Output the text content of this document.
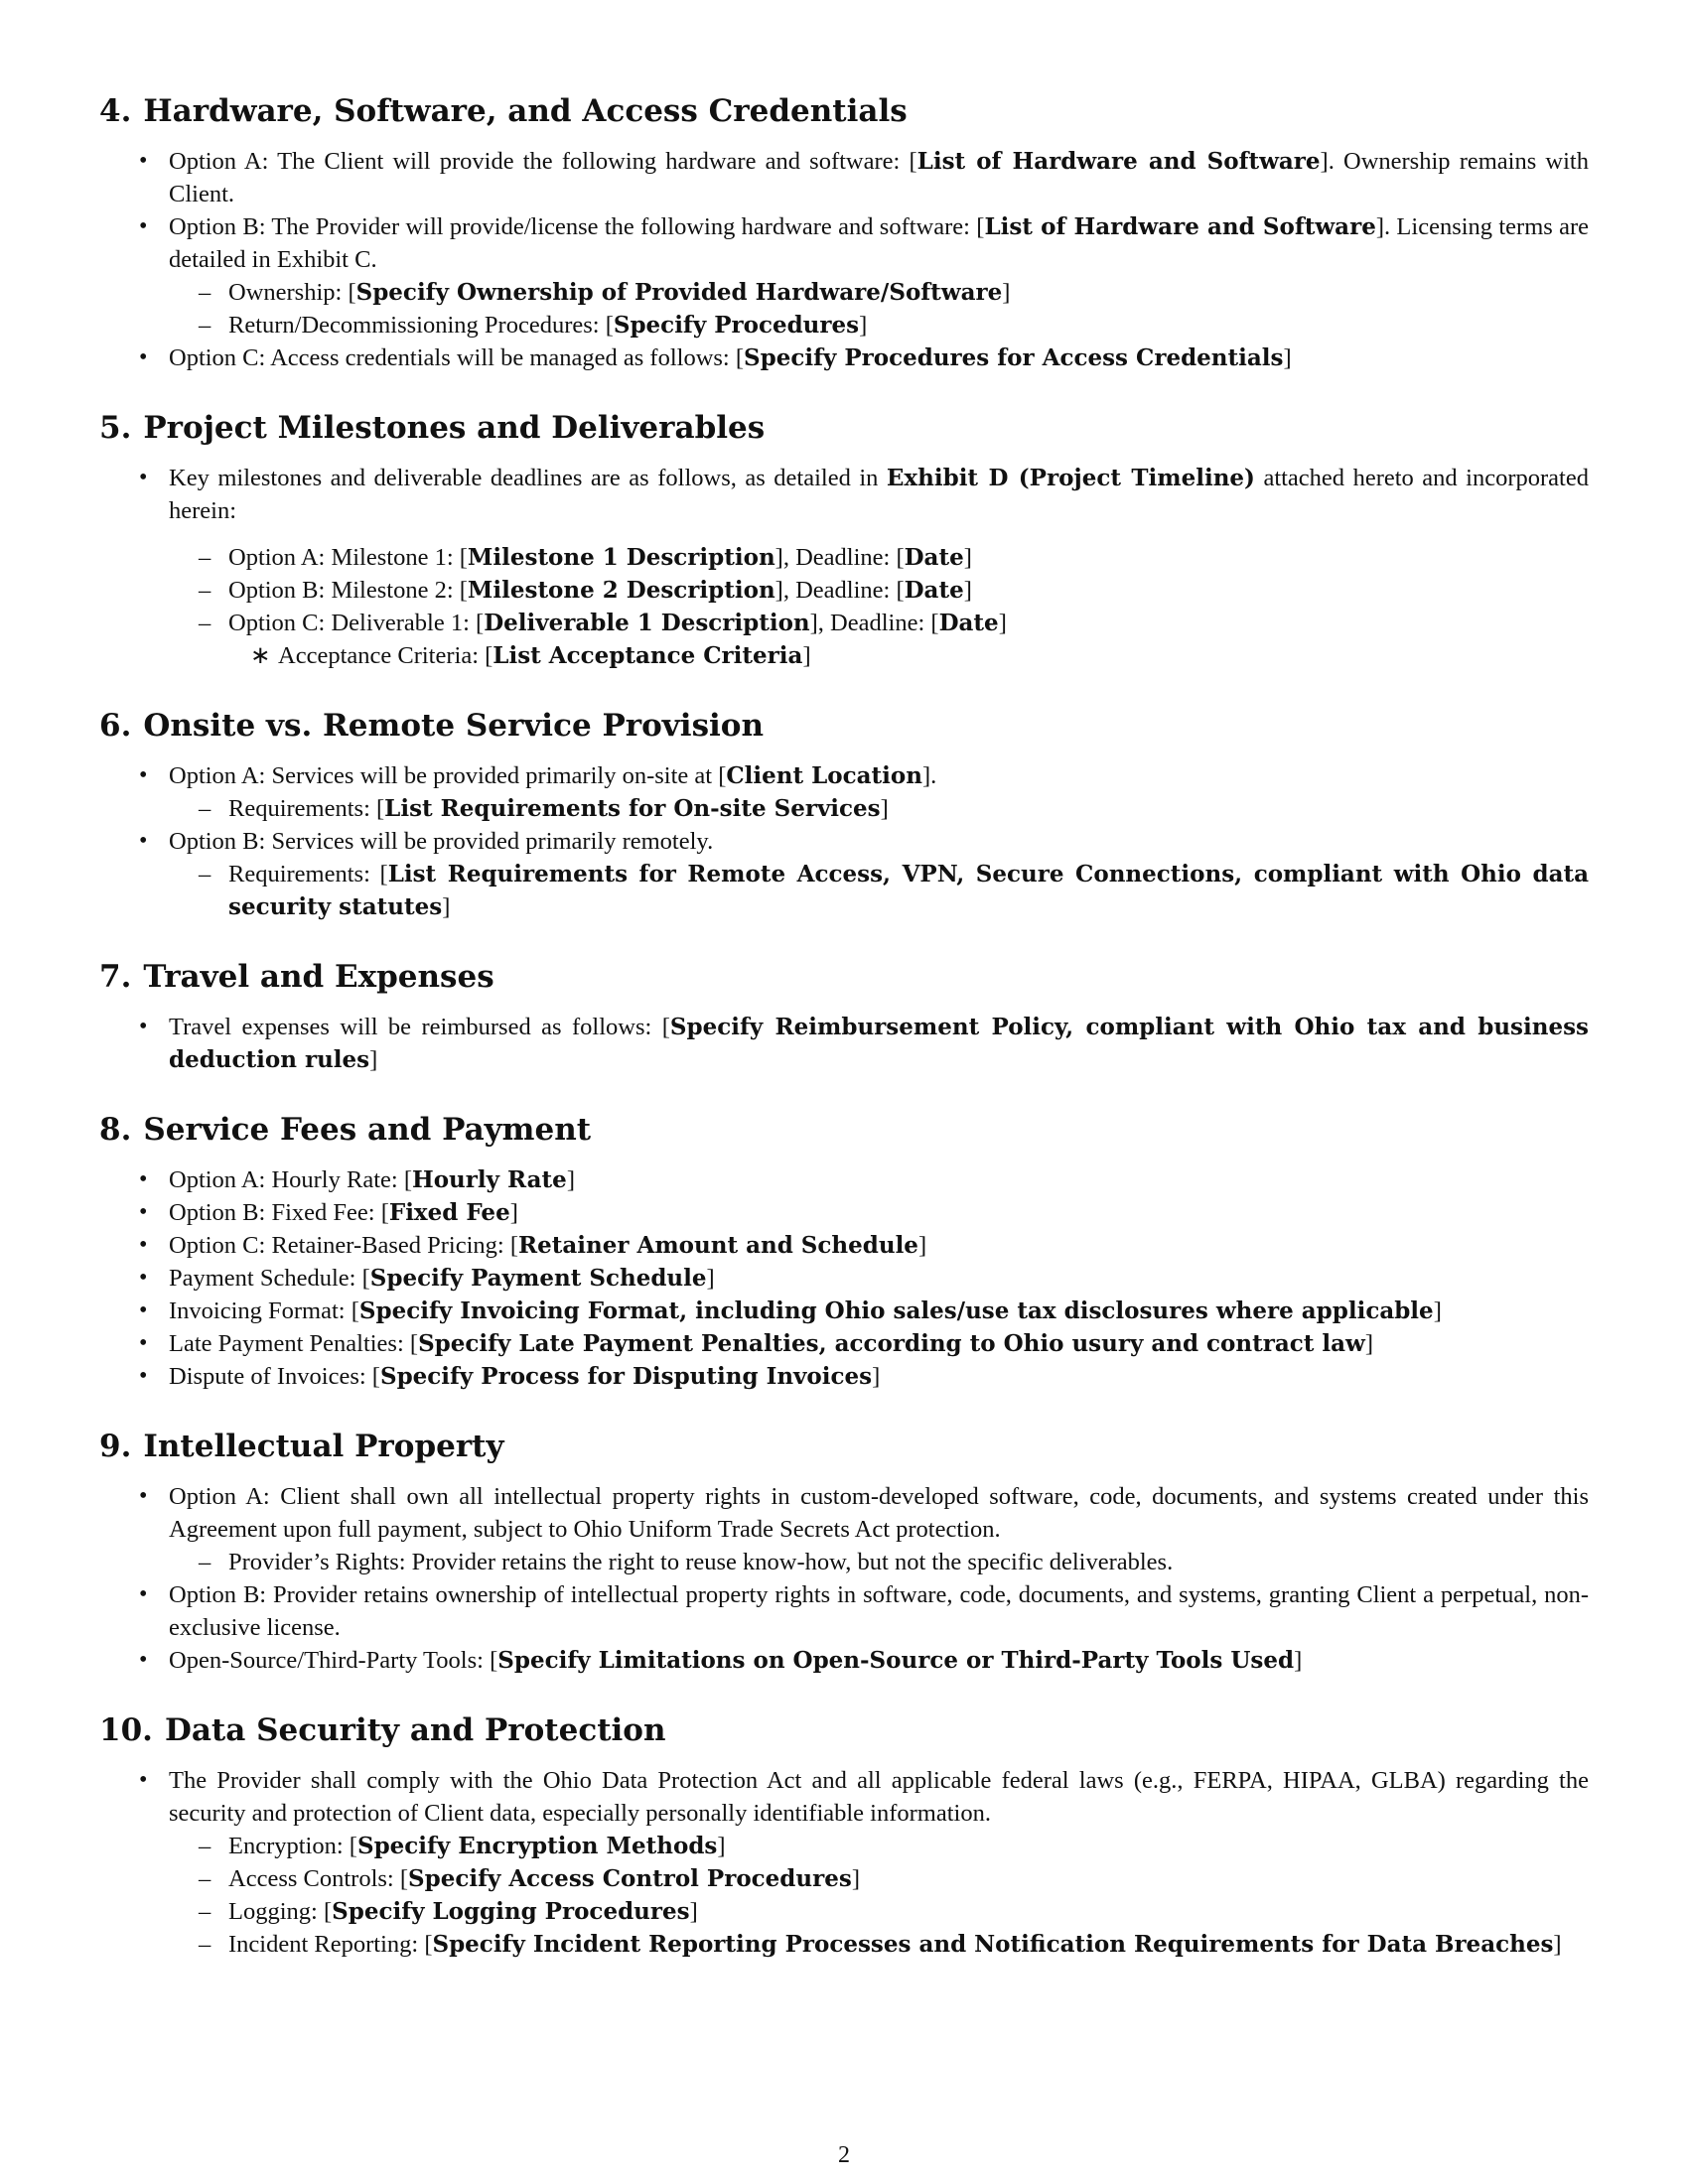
4. Hardware, Software, and Access Credentials
• Option A: The Client will provide the following hardware and software: [List of Hardware and Software]. Ownership remains with Client.
• Option B: The Provider will provide/license the following hardware and software: [List of Hardware and Software]. Licensing terms are detailed in Exhibit C.
– Ownership: [Specify Ownership of Provided Hardware/Software]
– Return/Decommissioning Procedures: [Specify Procedures]
• Option C: Access credentials will be managed as follows: [Specify Procedures for Access Credentials]
5. Project Milestones and Deliverables
• Key milestones and deliverable deadlines are as follows, as detailed in Exhibit D (Project Timeline) attached hereto and incorporated herein:
– Option A: Milestone 1: [Milestone 1 Description], Deadline: [Date]
– Option B: Milestone 2: [Milestone 2 Description], Deadline: [Date]
– Option C: Deliverable 1: [Deliverable 1 Description], Deadline: [Date]
∗ Acceptance Criteria: [List Acceptance Criteria]
6. Onsite vs. Remote Service Provision
• Option A: Services will be provided primarily on-site at [Client Location].
– Requirements: [List Requirements for On-site Services]
• Option B: Services will be provided primarily remotely.
– Requirements: [List Requirements for Remote Access, VPN, Secure Connections, compliant with Ohio data security statutes]
7. Travel and Expenses
• Travel expenses will be reimbursed as follows: [Specify Reimbursement Policy, compliant with Ohio tax and business deduction rules]
8. Service Fees and Payment
• Option A: Hourly Rate: [Hourly Rate]
• Option B: Fixed Fee: [Fixed Fee]
• Option C: Retainer-Based Pricing: [Retainer Amount and Schedule]
• Payment Schedule: [Specify Payment Schedule]
• Invoicing Format: [Specify Invoicing Format, including Ohio sales/use tax disclosures where applicable]
• Late Payment Penalties: [Specify Late Payment Penalties, according to Ohio usury and contract law]
• Dispute of Invoices: [Specify Process for Disputing Invoices]
9. Intellectual Property
• Option A: Client shall own all intellectual property rights in custom-developed software, code, documents, and systems created under this Agreement upon full payment, subject to Ohio Uniform Trade Secrets Act protection.
– Provider’s Rights: Provider retains the right to reuse know-how, but not the specific deliverables.
• Option B: Provider retains ownership of intellectual property rights in software, code, documents, and systems, granting Client a perpetual, non-exclusive license.
• Open-Source/Third-Party Tools: [Specify Limitations on Open-Source or Third-Party Tools Used]
10. Data Security and Protection
• The Provider shall comply with the Ohio Data Protection Act and all applicable federal laws (e.g., FERPA, HIPAA, GLBA) regarding the security and protection of Client data, especially personally identifiable information.
– Encryption: [Specify Encryption Methods]
– Access Controls: [Specify Access Control Procedures]
– Logging: [Specify Logging Procedures]
– Incident Reporting: [Specify Incident Reporting Processes and Notification Requirements for Data Breaches]
2
